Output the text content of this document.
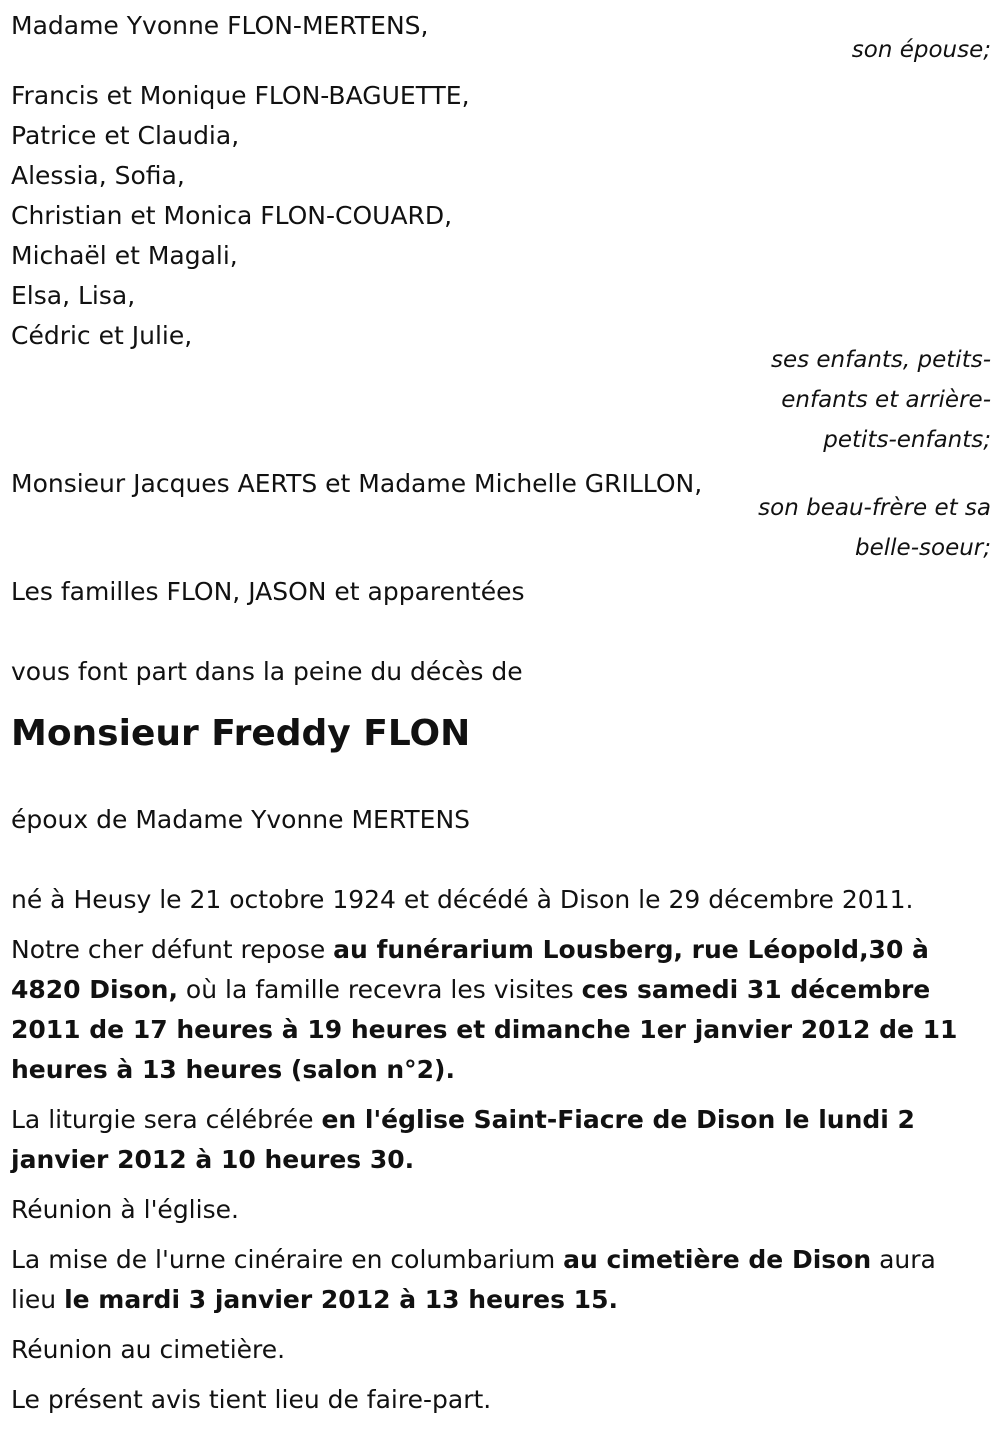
Madame Yvonne FLON-MERTENS,
son épouse;
Francis et Monique FLON-BAGUETTE,
Patrice et Claudia,
Alessia, Sofia,
Christian et Monica FLON-COUARD,
Michaël et Magali,
Elsa, Lisa,
Cédric et Julie,
ses enfants, petits-
enfants et arrière-
petits-enfants;
Monsieur Jacques AERTS et Madame Michelle GRILLON,
son beau-frère et sa
belle-soeur;
Les familles FLON, JASON et apparentées
vous font part dans la peine du décès de
Monsieur Freddy FLON
époux de Madame Yvonne MERTENS

né à Heusy le 21 octobre 1924 et décédé à Dison le 29 décembre 2011.

Notre cher défunt repose au funérarium Lousberg, rue Léopold,30 à 4820 Dison, où la famille recevra les visites ces samedi 31 décembre 2011 de 17 heures à 19 heures et dimanche 1er janvier 2012 de 11 heures à 13 heures (salon n°2).

La liturgie sera célébrée en l'église Saint-Fiacre de Dison le lundi 2 janvier 2012 à 10 heures 30.

Réunion à l'église.

La mise de l'urne cinéraire en columbarium au cimetière de Dison aura lieu le mardi 3 janvier 2012 à 13 heures 15.

Réunion au cimetière.

Le présent avis tient lieu de faire-part.
